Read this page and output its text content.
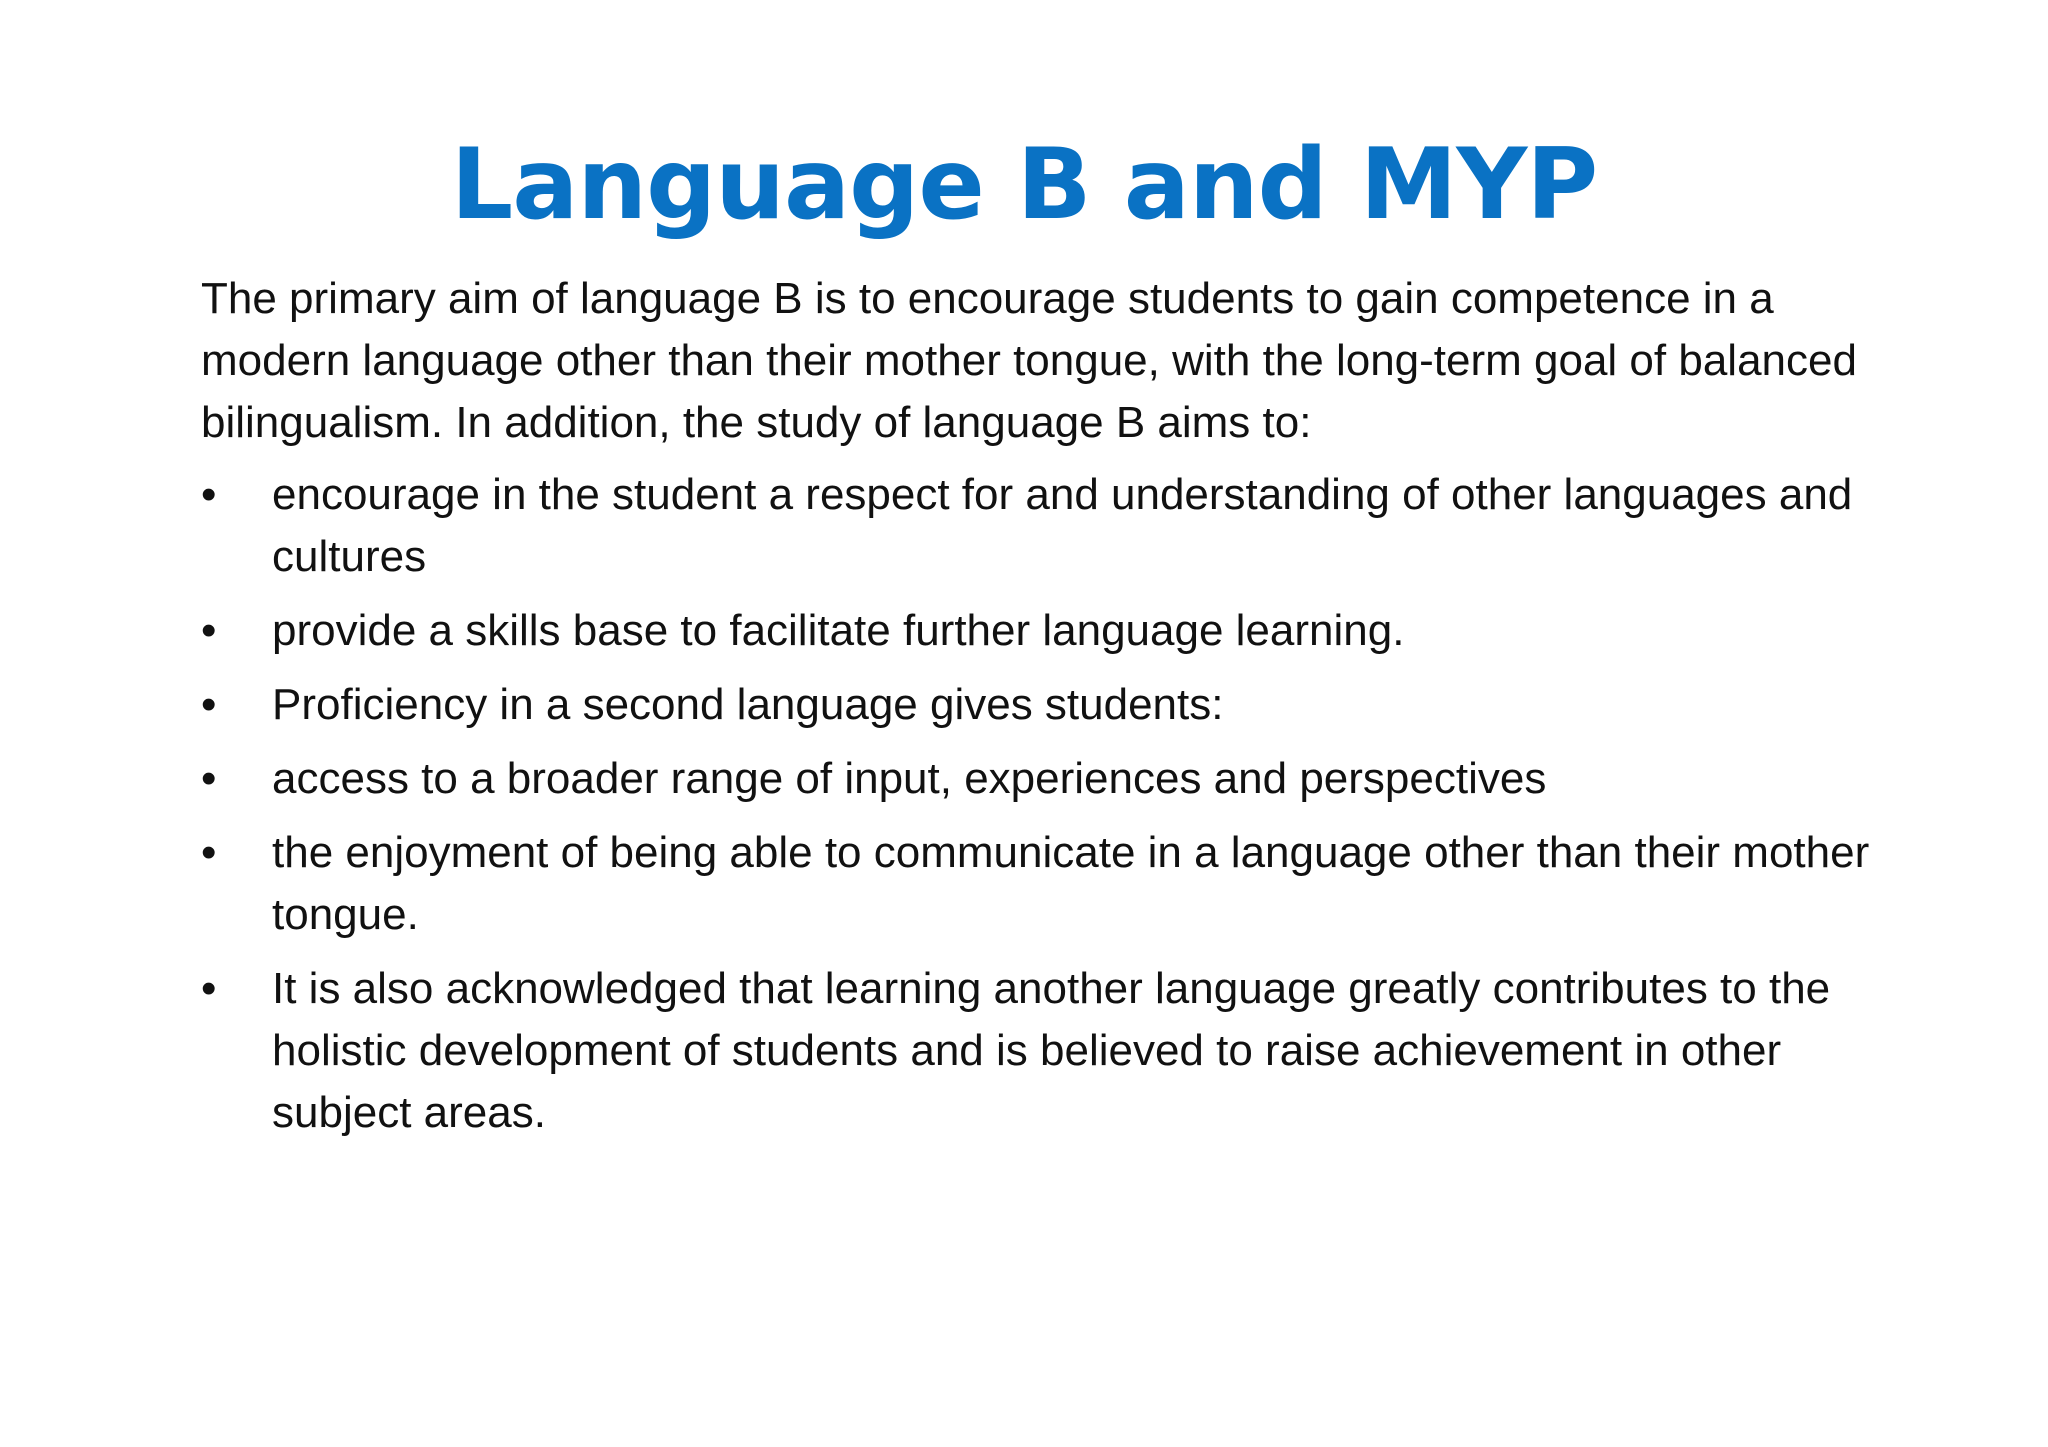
Language B and MYP

The primary aim of language B is to encourage students to gain competence in a modern language other than their mother tongue, with the long-term goal of balanced bilingualism. In addition, the study of language B aims to:

•	encourage in the student a respect for and understanding of other languages and cultures
•	provide a skills base to facilitate further language learning.
•	Proficiency in a second language gives students:
•	access to a broader range of input, experiences and perspectives
•	the enjoyment of being able to communicate in a language other than their mother tongue.
•	It is also acknowledged that learning another language greatly contributes to the holistic development of students and is believed to raise achievement in other subject areas.
